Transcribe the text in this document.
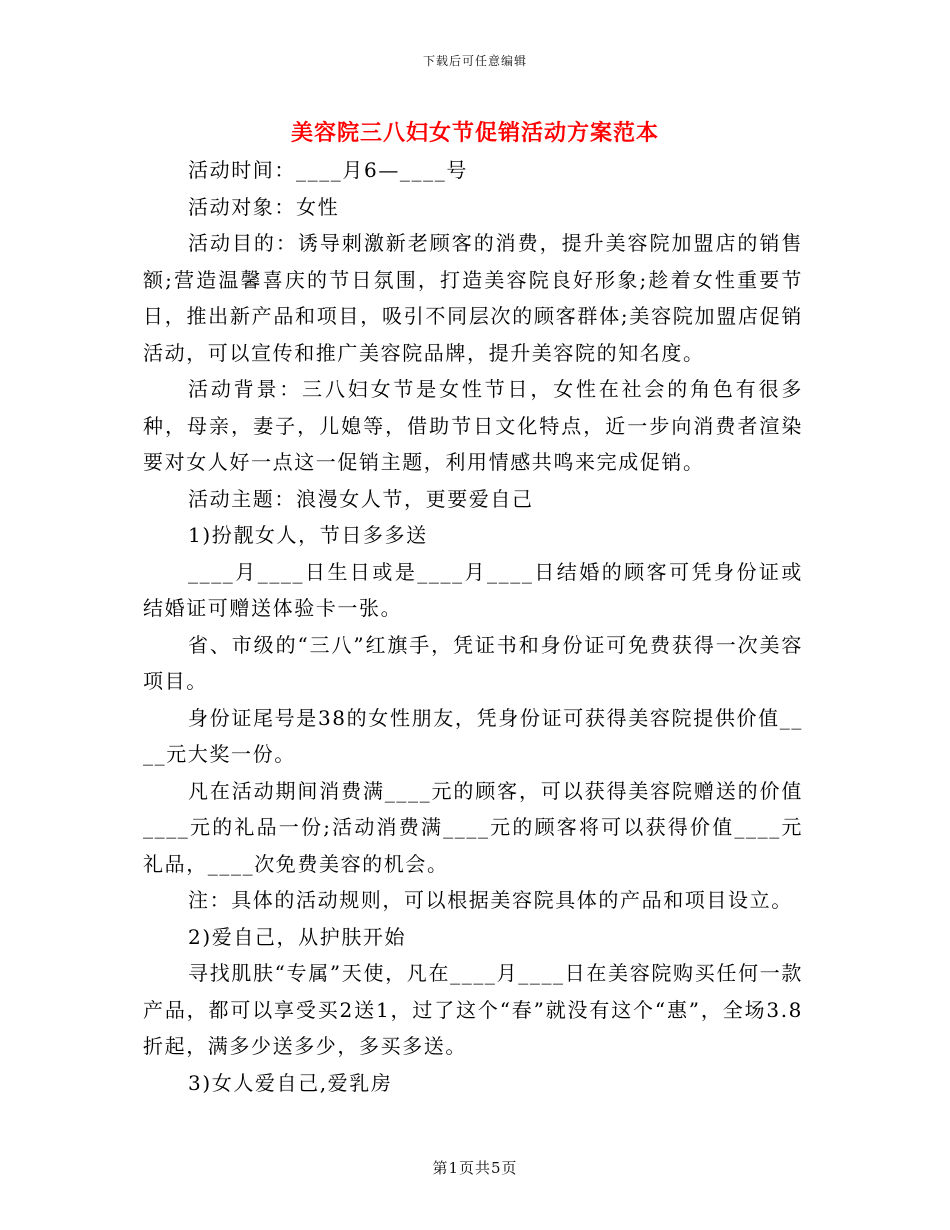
下载后可任意编辑
美容院三八妇女节促销活动方案范本

活动时间：____月6—____号

活动对象：女性

活动目的：诱导刺激新老顾客的消费，提升美容院加盟店的销售额;营造温馨喜庆的节日氛围，打造美容院良好形象;趁着女性重要节日，推出新产品和项目，吸引不同层次的顾客群体;美容院加盟店促销活动，可以宣传和推广美容院品牌，提升美容院的知名度。

活动背景：三八妇女节是女性节日，女性在社会的角色有很多种，母亲，妻子，儿媳等，借助节日文化特点，近一步向消费者渲染要对女人好一点这一促销主题，利用情感共鸣来完成促销。

活动主题：浪漫女人节，更要爱自己

1)扮靓女人，节日多多送

____月____日生日或是____月____日结婚的顾客可凭身份证或结婚证可赠送体验卡一张。

省、市级的“三八”红旗手，凭证书和身份证可免费获得一次美容项目。

身份证尾号是38的女性朋友，凭身份证可获得美容院提供价值____元大奖一份。

凡在活动期间消费满____元的顾客，可以获得美容院赠送的价值____元的礼品一份;活动消费满____元的顾客将可以获得价值____元礼品，____次免费美容的机会。

注：具体的活动规则，可以根据美容院具体的产品和项目设立。

2)爱自己，从护肤开始

寻找肌肤“专属”天使，凡在____月____日在美容院购买任何一款产品，都可以享受买2送1，过了这个“春”就没有这个“惠”，全场3.8折起，满多少送多少，多买多送。

3)女人爱自己,爱乳房

第1页共5页
